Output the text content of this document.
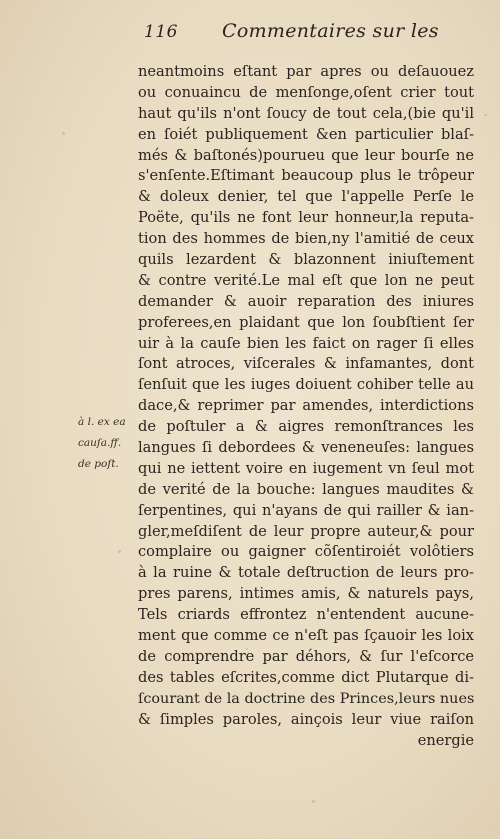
116 Commentaires sur les
à l. ex ea
cauſa.ff.
de poſt.
neantmoins eſtant par apres ou deſauouez
ou conuaincu de menſonge,oſent crier tout
haut qu'ils n'ont ſoucy de tout cela,(bie qu'il
en ſoiét publiquement &en particulier blaſ-
més & baſtonés)pourueu que leur bourſe ne
s'enſente.Eſtimant beaucoup plus le trôpeur
& doleux denier, tel que l'appelle Perſe le
Poëte, qu'ils ne font leur honneur,la reputa-
tion des hommes de bien,ny l'amitié de ceux
quils lezardent & blazonnent iniuſtement
& contre verité.Le mal eſt que lon ne peut
demander & auoir reparation des iniures
proferees,en plaidant que lon ſoubſtient ſer
uir à la cauſe bien les faict on rager ſi elles
ſont atroces, viſcerales & infamantes, dont
ſenſuit que les iuges doiuent cohiber telle au
dace,& reprimer par amendes, interdictions
de poſtuler a & aigres remonſtrances les
langues ſi debordees & veneneuſes: langues
qui ne iettent voire en iugement vn ſeul mot
de verité de la bouche: langues maudites &
ſerpentines, qui n'ayans de qui railler & ian-
gler,meſdiſent de leur propre auteur,& pour
complaire ou gaigner cõſentiroiét volôtiers
à la ruine & totale deſtruction de leurs pro-
pres parens, intimes amis, & naturels pays,
Tels criards effrontez n'entendent aucune-
ment que comme ce n'eſt pas ſçauoir les loix
de comprendre par déhors, & ſur l'eſcorce
des tables eſcrites,comme dict Plutarque di-
ſcourant de la doctrine des Princes,leurs nues
& ſimples paroles, ainçois leur viue raiſon
energie
